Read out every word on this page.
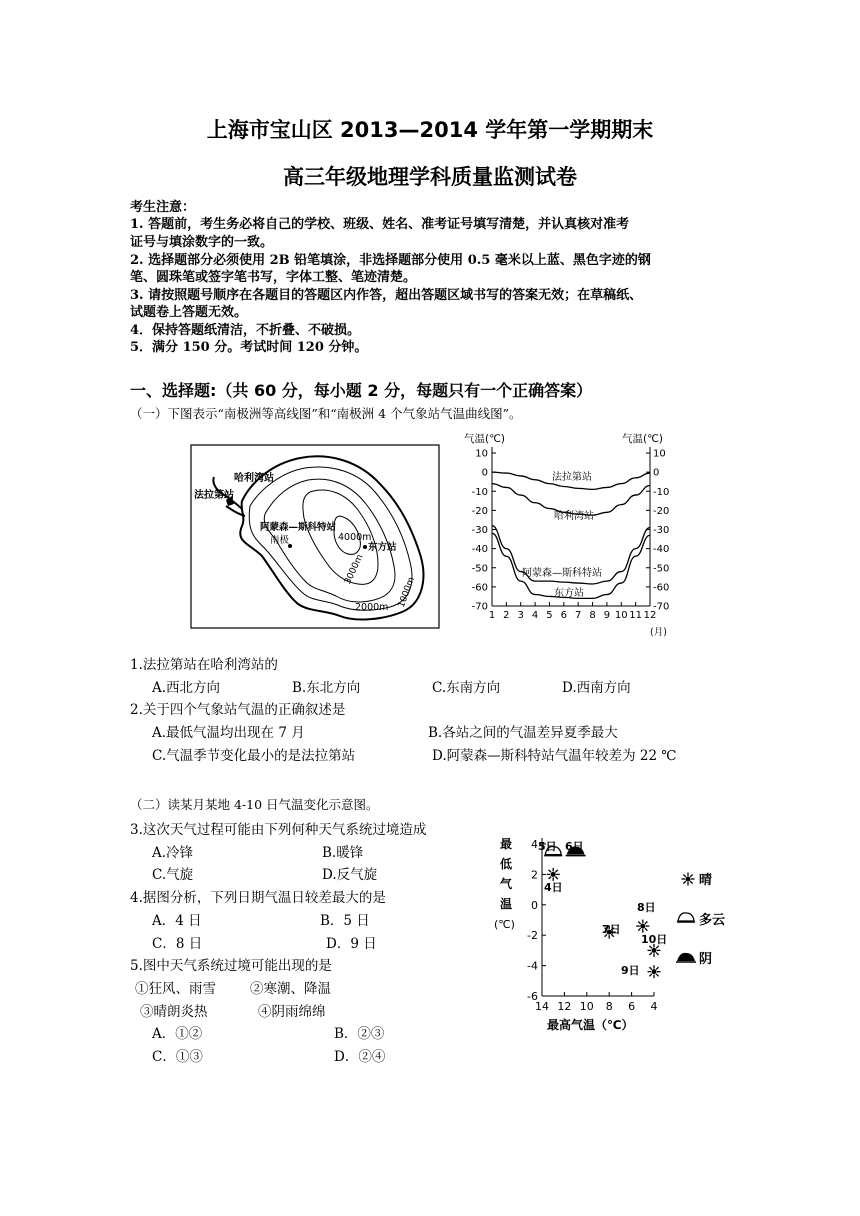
上海市宝山区 2013—2014 学年第一学期期末
高三年级地理学科质量监测试卷
考生注意：
1. 答题前，考生务必将自己的学校、班级、姓名、准考证号填写清楚，并认真核对准考
证号与填涂数字的一致。
2. 选择题部分必须使用 2B 铅笔填涂，非选择题部分使用 0.5 毫米以上蓝、黑色字迹的钢
笔、圆珠笔或签字笔书写，字体工整、笔迹清楚。
3. 请按照题号顺序在各题目的答题区内作答，超出答题区域书写的答案无效；在草稿纸、
试题卷上答题无效。
4．保持答题纸清洁，不折叠、不破损。
5．满分 150 分。考试时间 120 分钟。
一、选择题:（共 60 分，每小题 2 分，每题只有一个正确答案）
（一）下图表示“南极洲等高线图”和“南极洲 4 个气象站气温曲线图”。
哈利湾站
法拉第站
阿蒙森—斯科特站
南极	4000m
东方站
3000m
2000m 1000m
10	10
0	0
-10	-10
-20	-20
-30	-30
-40	-40
-50	-50
-60	-60
-70	-70
1 2 3 4 5 6 7 8 9 10 11 12
气温(℃)	气温(℃)
(月)
法拉第站
哈利湾站
阿蒙森—斯科特站
东方站
1.法拉第站在哈利湾站的
A.西北方向	B.东北方向	C.东南方向	D.西南方向
2.关于四个气象站气温的正确叙述是
A.最低气温均出现在 7 月	B.各站之间的气温差异夏季最大
C.气温季节变化最小的是法拉第站	D.阿蒙森—斯科特站气温年较差为 22 ℃
（二）读某月某地 4-10 日气温变化示意图。
3.这次天气过程可能由下列何种天气系统过境造成
A.冷锋	B.暖锋
C.气旋	D.反气旋
4.据图分析，下列日期气温日较差最大的是
A．4 日	B．5 日
C．8 日	D．9 日
5.图中天气系统过境可能出现的是
①狂风、雨雪	②寒潮、降温
③晴朗炎热	④阴雨绵绵
A．①②	B．②③
C．①③	D．②④
4
2
0
-2
-4
-6
14 12 10 8 6 4
最
低
气
温
(℃)
最高气温（℃）
5日 6日
4日
7日
8日
10日
9日
晴
多云
阴
